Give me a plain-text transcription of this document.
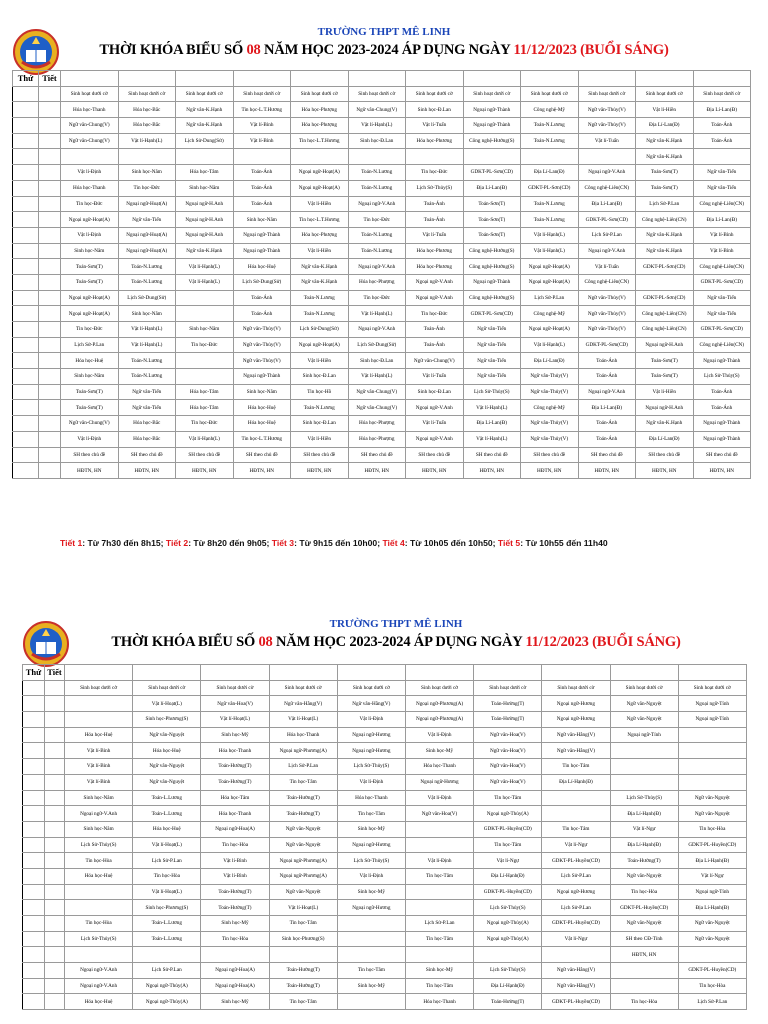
TRƯỜNG THPT MÊ LINH
THỜI KHÓA BIỂU SỐ 08 NĂM HỌC 2023-2024 ÁP DỤNG NGÀY 11/12/2023 (BUỔI SÁNG)
Thứ	Tiết												
		Sinh hoạt dưới cờ	Sinh hoạt dưới cờ	Sinh hoạt dưới cờ	Sinh hoạt dưới cờ	Sinh hoạt dưới cờ	Sinh hoạt dưới cờ	Sinh hoạt dưới cờ	Sinh hoạt dưới cờ	Sinh hoạt dưới cờ	Sinh hoạt dưới cờ	Sinh hoạt dưới cờ	Sinh hoạt dưới cờ
		Hóa học-Thanh	Hóa học-Bắc	Ngữ văn-K.Hạnh	Tin học-L.T.Hương	Hóa học-Phượng	Ngữ văn-Chung(V)	Sinh học-Đ.Lan	Ngoại ngữ-Thành	Công nghệ-Mỹ	Ngữ văn-Thủy(V)	Vật lí-Hiền	Địa Lí-Lan(Đ)
		Ngữ văn-Chung(V)	Hóa học-Bắc	Ngữ văn-K.Hạnh	Vật lí-Bình	Hóa học-Phượng	Vật lí-Hạnh(L)	Vật lí-Tuấn	Ngoại ngữ-Thành	Toán-N.Lương	Ngữ văn-Thủy(V)	Địa Lí-Lan(Đ)	Toán-Ánh
		Ngữ văn-Chung(V)	Vật lí-Hạnh(L)	Lịch Sử-Dung(Sử)	Vật lí-Bình	Tin học-L.T.Hương	Sinh học-Đ.Lan	Hóa học-Phương	Công nghệ-Hướng(S)	Toán-N.Lương	Vật lí-Tuấn	Ngữ văn-K.Hạnh	Toán-Ánh
												Ngữ văn-K.Hạnh	
		Vật lí-Định	Sinh học-Năm	Hóa học-Tâm	Toán-Ánh	Ngoại ngữ-Hoạt(A)	Toán-N.Lương	Tin học-Đức	GDKT-PL-Sơn(CD)	Địa Lí-Lan(Đ)	Ngoại ngữ-V.Anh	Toán-Sơn(T)	Ngữ văn-Tiến
		Hóa học-Thanh	Tin học-Đức	Sinh học-Năm	Toán-Ánh	Ngoại ngữ-Hoạt(A)	Toán-N.Lương	Lịch Sử-Thủy(S)	Địa Lí-Lan(Đ)	GDKT-PL-Sơn(CD)	Công nghệ-Liên(CN)	Toán-Sơn(T)	Ngữ văn-Tiến
		Tin học-Đức	Ngoại ngữ-Hoạt(A)	Ngoại ngữ-H.Anh	Toán-Ánh	Vật lí-Hiền	Ngoại ngữ-V.Anh	Toán-Ánh	Toán-Sơn(T)	Toán-N.Lương	Địa Lí-Lan(Đ)	Lịch Sử-P.Lan	Công nghệ-Liên(CN)
		Ngoại ngữ-Hoạt(A)	Ngữ văn-Tiến	Ngoại ngữ-H.Anh	Sinh học-Năm	Tin học-L.T.Hương	Tin học-Đức	Toán-Ánh	Toán-Sơn(T)	Toán-N.Lương	GDKT-PL-Sơn(CD)	Công nghệ-Liên(CN)	Địa Lí-Lan(Đ)
		Vật lí-Định	Ngoại ngữ-Hoạt(A)	Ngoại ngữ-H.Anh	Ngoại ngữ-Thành	Hóa học-Phượng	Toán-N.Lương	Vật lí-Tuấn	Toán-Sơn(T)	Vật lí-Hạnh(L)	Lịch Sử-P.Lan	Ngữ văn-K.Hạnh	Vật lí-Bình
		Sinh học-Năm	Ngoại ngữ-Hoạt(A)	Ngữ văn-K.Hạnh	Ngoại ngữ-Thành	Vật lí-Hiền	Toán-N.Lương	Hóa học-Phương	Công nghệ-Hướng(S)	Vật lí-Hạnh(L)	Ngoại ngữ-V.Anh	Ngữ văn-K.Hạnh	Vật lí-Bình
		Toán-Sơn(T)	Toán-N.Lương	Vật lí-Hạnh(L)	Hóa học-Huệ	Ngữ văn-K.Hạnh	Ngoại ngữ-V.Anh	Hóa học-Phương	Công nghệ-Hướng(S)	Ngoại ngữ-Hoạt(A)	Vật lí-Tuấn	GDKT-PL-Sơn(CD)	Công nghệ-Liên(CN)
		Toán-Sơn(T)	Toán-N.Lương	Vật lí-Hạnh(L)	Lịch Sử-Dung(Sử)	Ngữ văn-K.Hạnh	Hóa học-Phượng	Ngoại ngữ-V.Anh	Ngoại ngữ-Thành	Ngoại ngữ-Hoạt(A)	Công nghệ-Liên(CN)		GDKT-PL-Sơn(CD)
		Ngoại ngữ-Hoạt(A)	Lịch Sử-Dung(Sử)		Toán-Ánh	Toán-N.Lương	Tin học-Đức	Ngoại ngữ-V.Anh	Công nghệ-Hướng(S)	Lịch Sử-P.Lan	Ngữ văn-Thủy(V)	GDKT-PL-Sơn(CD)	Ngữ văn-Tiến
		Ngoại ngữ-Hoạt(A)	Sinh học-Năm		Toán-Ánh	Toán-N.Lương	Vật lí-Hạnh(L)	Tin học-Đức	GDKT-PL-Sơn(CD)	Công nghệ-Mỹ	Ngữ văn-Thủy(V)	Công nghệ-Liên(CN)	Ngữ văn-Tiến
		Tin học-Đức	Vật lí-Hạnh(L)	Sinh học-Năm	Ngữ văn-Thủy(V)	Lịch Sử-Dung(Sử)	Ngoại ngữ-V.Anh	Toán-Ánh	Ngữ văn-Tiến	Ngoại ngữ-Hoạt(A)	Ngữ văn-Thủy(V)	Công nghệ-Liên(CN)	GDKT-PL-Sơn(CD)
		Lịch Sử-P.Lan	Vật lí-Hạnh(L)	Tin học-Đức	Ngữ văn-Thủy(V)	Ngoại ngữ-Hoạt(A)	Lịch Sử-Dung(Sử)	Toán-Ánh	Ngữ văn-Tiến	Vật lí-Hạnh(L)	GDKT-PL-Sơn(CD)	Ngoại ngữ-H.Anh	Công nghệ-Liên(CN)
		Hóa học-Huệ	Toán-N.Lương		Ngữ văn-Thủy(V)	Vật lí-Hiền	Sinh học-Đ.Lan	Ngữ văn-Chung(V)	Ngữ văn-Tiến	Địa Lí-Lan(Đ)	Toán-Ánh	Toán-Sơn(T)	Ngoại ngữ-Thành
		Sinh học-Năm	Toán-N.Lương		Ngoại ngữ-Thành	Sinh học-Đ.Lan	Vật lí-Hạnh(L)	Vật lí-Tuấn	Ngữ văn-Tiến	Ngữ văn-Thủy(V)	Toán-Ánh	Toán-Sơn(T)	Lịch Sử-Thủy(S)
		Toán-Sơn(T)	Ngữ văn-Tiến	Hóa học-Tâm	Sinh học-Năm	Tin học-Hồ	Ngữ văn-Chung(V)	Sinh học-Đ.Lan	Lịch Sử-Thủy(S)	Ngữ văn-Thủy(V)	Ngoại ngữ-V.Anh	Vật lí-Hiền	Toán-Ánh
		Toán-Sơn(T)	Ngữ văn-Tiến	Hóa học-Tâm	Hóa học-Huệ	Toán-N.Lương	Ngữ văn-Chung(V)	Ngoại ngữ-V.Anh	Vật lí-Hạnh(L)	Công nghệ-Mỹ	Địa Lí-Lan(Đ)	Ngoại ngữ-H.Anh	Toán-Ánh
		Ngữ văn-Chung(V)	Hóa học-Bắc	Tin học-Đức	Hóa học-Huệ	Sinh học-Đ.Lan	Hóa học-Phượng	Vật lí-Tuấn	Địa Lí-Lan(Đ)	Ngữ văn-Thủy(V)	Toán-Ánh	Ngữ văn-K.Hạnh	Ngoại ngữ-Thành
		Vật lí-Định	Hóa học-Bắc	Vật lí-Hạnh(L)	Tin học-L.T.Hương	Vật lí-Hiền	Hóa học-Phượng	Ngoại ngữ-V.Anh	Vật lí-Hạnh(L)	Ngữ văn-Thủy(V)	Toán-Ánh	Địa Lí-Lan(Đ)	Ngoại ngữ-Thành
		SH theo chủ đề	SH theo chủ đề	SH theo chủ đề	SH theo chủ đề	SH theo chủ đề	SH theo chủ đề	SH theo chủ đề	SH theo chủ đề	SH theo chủ đề	SH theo chủ đề	SH theo chủ đề	SH theo chủ đề
		HĐTN, HN	HĐTN, HN	HĐTN, HN	HĐTN, HN	HĐTN, HN	HĐTN, HN	HĐTN, HN	HĐTN, HN	HĐTN, HN	HĐTN, HN	HĐTN, HN	HĐTN, HN
Tiết 1: Từ 7h30 đến 8h15; Tiết 2: Từ 8h20 đến 9h05; Tiết 3: Từ 9h15 đến 10h00; Tiết 4: Từ 10h05 đến 10h50; Tiết 5: Từ 10h55 đến 11h40
TRƯỜNG THPT MÊ LINH
THỜI KHÓA BIỂU SỐ 08 NĂM HỌC 2023-2024 ÁP DỤNG NGÀY 11/12/2023 (BUỔI SÁNG)
Thứ	Tiết										
		Sinh hoạt dưới cờ	Sinh hoạt dưới cờ	Sinh hoạt dưới cờ	Sinh hoạt dưới cờ	Sinh hoạt dưới cờ	Sinh hoạt dưới cờ	Sinh hoạt dưới cờ	Sinh hoạt dưới cờ	Sinh hoạt dưới cờ	Sinh hoạt dưới cờ
			Vật lí-Hoạt(L)	Ngữ văn-Hoa(V)	Ngữ văn-Hằng(V)	Ngữ văn-Hằng(V)	Ngoại ngữ-Phương(A)	Toán-Hường(T)	Ngoại ngữ-Hương	Ngữ văn-Nguyệt	Ngoại ngữ-Tính
			Sinh học-Phương(S)	Vật lí-Hoạt(L)	Vật lí-Hoạt(L)	Vật lí-Định	Ngoại ngữ-Phương(A)	Toán-Hường(T)	Ngoại ngữ-Hương	Ngữ văn-Nguyệt	Ngoại ngữ-Tính
		Hóa học-Huệ	Ngữ văn-Nguyệt	Sinh học-Mỹ	Hóa học-Thanh	Ngoại ngữ-Hương	Vật lí-Định	Ngữ văn-Hoa(V)	Ngữ văn-Hằng(V)	Ngoại ngữ-Tính	
		Vật lí-Bình	Hóa học-Huệ	Hóa học-Thanh	Ngoại ngữ-Phương(A)	Ngoại ngữ-Hương	Sinh học-Mỹ	Ngữ văn-Hoa(V)	Ngữ văn-Hằng(V)		
		Vật lí-Bình	Ngữ văn-Nguyệt	Toán-Hường(T)	Lịch Sử-P.Lan	Lịch Sử-Thủy(S)	Hóa học-Thanh	Ngữ văn-Hoa(V)	Tin học-Tâm		
		Vật lí-Bình	Ngữ văn-Nguyệt	Toán-Hường(T)	Tin học-Tâm	Vật lí-Định	Ngoại ngữ-Hương	Ngữ văn-Hoa(V)	Địa Lí-Hạnh(Đ)		
		Sinh học-Năm	Toán-L.Lương	Hóa học-Tâm	Toán-Hường(T)	Hóa học-Thanh	Vật lí-Định	Tin học-Tâm		Lịch Sử-Thủy(S)	Ngữ văn-Nguyệt
		Ngoại ngữ-V.Anh	Toán-L.Lương	Hóa học-Thanh	Toán-Hường(T)	Tin học-Tâm	Ngữ văn-Hoa(V)	Ngoại ngữ-Thủy(A)		Địa Lí-Hạnh(Đ)	Ngữ văn-Nguyệt
		Sinh học-Năm	Hóa học-Huệ	Ngoại ngữ-Hoa(A)	Ngữ văn-Nguyệt	Sinh học-Mỹ		GDKT-PL-Huyền(CD)	Tin học-Tâm	Vật lí-Ngự	Tin học-Hòa
		Lịch Sử-Thủy(S)	Vật lí-Hoạt(L)	Tin học-Hòa	Ngữ văn-Nguyệt	Ngoại ngữ-Hương		Tin học-Tâm	Vật lí-Ngự	Địa Lí-Hạnh(Đ)	GDKT-PL-Huyền(CD)
		Tin học-Hòa	Lịch Sử-P.Lan	Vật lí-Bình	Ngoại ngữ-Phương(A)	Lịch Sử-Thủy(S)	Vật lí-Định	Vật lí-Ngự	GDKT-PL-Huyền(CD)	Toán-Hường(T)	Địa Lí-Hạnh(Đ)
		Hóa học-Huệ	Tin học-Hòa	Vật lí-Bình	Ngoại ngữ-Phương(A)	Vật lí-Định	Tin học-Tâm	Địa Lí-Hạnh(Đ)	Lịch Sử-P.Lan	Ngữ văn-Nguyệt	Vật lí-Ngự
			Vật lí-Hoạt(L)	Toán-Hường(T)	Ngữ văn-Nguyệt	Sinh học-Mỹ		GDKT-PL-Huyền(CD)	Ngoại ngữ-Hương	Tin học-Hòa	Ngoại ngữ-Tính
			Sinh học-Phương(S)	Toán-Hường(T)	Vật lí-Hoạt(L)	Ngoại ngữ-Hương		Lịch Sử-Thủy(S)	Lịch Sử-P.Lan	GDKT-PL-Huyền(CD)	Địa Lí-Hạnh(Đ)
		Tin học-Hòa	Toán-L.Lương	Sinh học-Mỹ	Tin học-Tâm		Lịch Sử-P.Lan	Ngoại ngữ-Thủy(A)	GDKT-PL-Huyền(CD)	Ngữ văn-Nguyệt	Ngữ văn-Nguyệt
		Lịch Sử-Thủy(S)	Toán-L.Lương	Tin học-Hòa	Sinh học-Phương(S)		Tin học-Tâm	Ngoại ngữ-Thủy(A)	Vật lí-Ngự	SH theo CĐ-Tính	Ngữ văn-Nguyệt
										HĐTN, HN	
		Ngoại ngữ-V.Anh	Lịch Sử-P.Lan	Ngoại ngữ-Hoa(A)	Toán-Hường(T)	Tin học-Tâm	Sinh học-Mỹ	Lịch Sử-Thủy(S)	Ngữ văn-Hằng(V)		GDKT-PL-Huyền(CD)
		Ngoại ngữ-V.Anh	Ngoại ngữ-Thủy(A)	Ngoại ngữ-Hoa(A)	Toán-Hường(T)	Sinh học-Mỹ	Tin học-Tâm	Địa Lí-Hạnh(Đ)	Ngữ văn-Hằng(V)		Tin học-Hòa
		Hóa học-Huệ	Ngoại ngữ-Thủy(A)	Sinh học-Mỹ	Tin học-Tâm		Hóa học-Thanh	Toán-Hường(T)	GDKT-PL-Huyền(CD)	Tin học-Hòa	Lịch Sử-P.Lan
